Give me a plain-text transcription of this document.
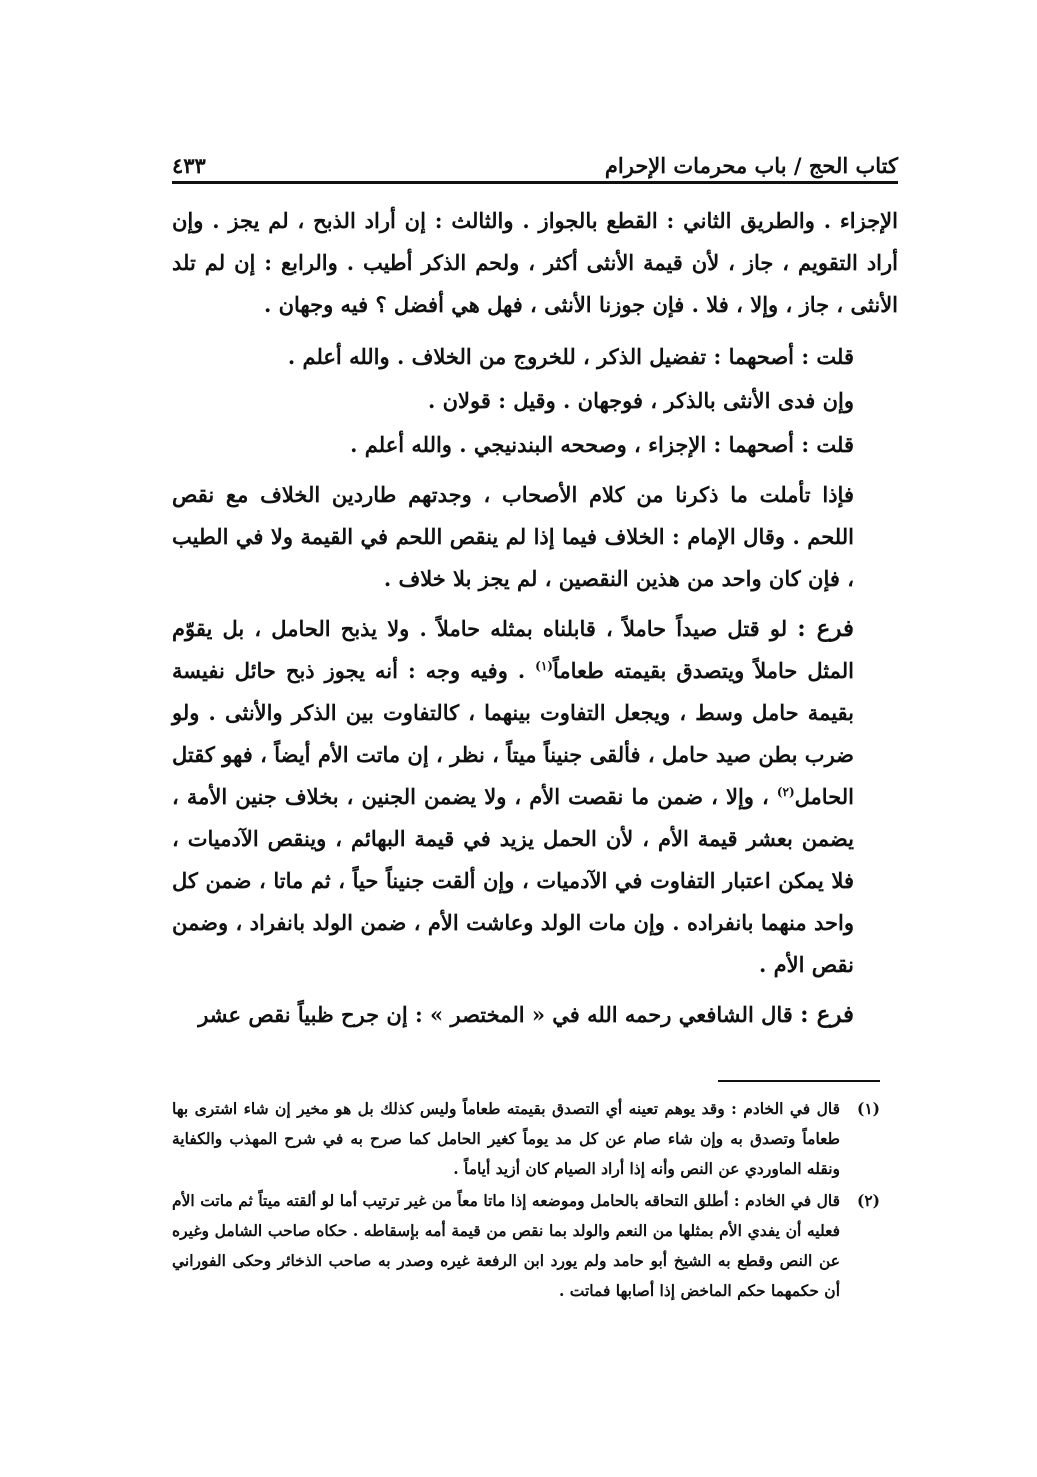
كتاب الحج / باب محرمات الإحرام
٤٣٣

الإجزاء . والطريق الثاني : القطع بالجواز . والثالث : إن أراد الذبح ، لم يجز . وإن أراد التقويم ، جاز ، لأن قيمة الأنثى أكثر ، ولحم الذكر أطيب . والرابع : إن لم تلد الأنثى ، جاز ، وإلا ، فلا . فإن جوزنا الأنثى ، فهل هي أفضل ؟ فيه وجهان .

قلت : أصحهما : تفضيل الذكر ، للخروج من الخلاف . والله أعلم .

وإن فدى الأنثى بالذكر ، فوجهان . وقيل : قولان .

قلت : أصحهما : الإجزاء ، وصححه البندنيجي . والله أعلم .

فإذا تأملت ما ذكرنا من كلام الأصحاب ، وجدتهم طاردين الخلاف مع نقص اللحم . وقال الإمام : الخلاف فيما إذا لم ينقص اللحم في القيمة ولا في الطيب ، فإن كان واحد من هذين النقصين ، لم يجز بلا خلاف .

فرع : لو قتل صيداً حاملاً ، قابلناه بمثله حاملاً . ولا يذبح الحامل ، بل يقوّم المثل حاملاً ويتصدق بقيمته طعاماً$^{(١)}$ . وفيه وجه : أنه يجوز ذبح حائل نفيسة بقيمة حامل وسط ، ويجعل التفاوت بينهما ، كالتفاوت بين الذكر والأنثى . ولو ضرب بطن صيد حامل ، فألقى جنيناً ميتاً ، نظر ، إن ماتت الأم أيضاً ، فهو كقتل الحامل$^{(٢)}$ ، وإلا ، ضمن ما نقصت الأم ، ولا يضمن الجنين ، بخلاف جنين الأمة ، يضمن بعشر قيمة الأم ، لأن الحمل يزيد في قيمة البهائم ، وينقص الآدميات ، فلا يمكن اعتبار التفاوت في الآدميات ، وإن ألقت جنيناً حياً ، ثم ماتا ، ضمن كل واحد منهما بانفراده . وإن مات الولد وعاشت الأم ، ضمن الولد بانفراد ، وضمن نقص الأم .

فرع : قال الشافعي رحمه الله في « المختصر » : إن جرح ظبياً نقص عشر

(١)
قال في الخادم : وقد يوهم تعينه أي التصدق بقيمته طعاماً وليس كذلك بل هو مخير إن شاء اشترى بها طعاماً وتصدق به وإن شاء صام عن كل مد يوماً كغير الحامل كما صرح به في شرح المهذب والكفاية ونقله الماوردي عن النص وأنه إذا أراد الصيام كان أزيد أياماً .
(٢)
قال في الخادم : أطلق التحاقه بالحامل وموضعه إذا ماتا معاً من غير ترتيب أما لو ألقته ميتاً ثم ماتت الأم فعليه أن يفدي الأم بمثلها من النعم والولد بما نقص من قيمة أمه بإسقاطه . حكاه صاحب الشامل وغيره عن النص وقطع به الشيخ أبو حامد ولم يورد ابن الرفعة غيره وصدر به صاحب الذخائر وحكى الفوراني أن حكمهما حكم الماخض إذا أصابها فماتت .
